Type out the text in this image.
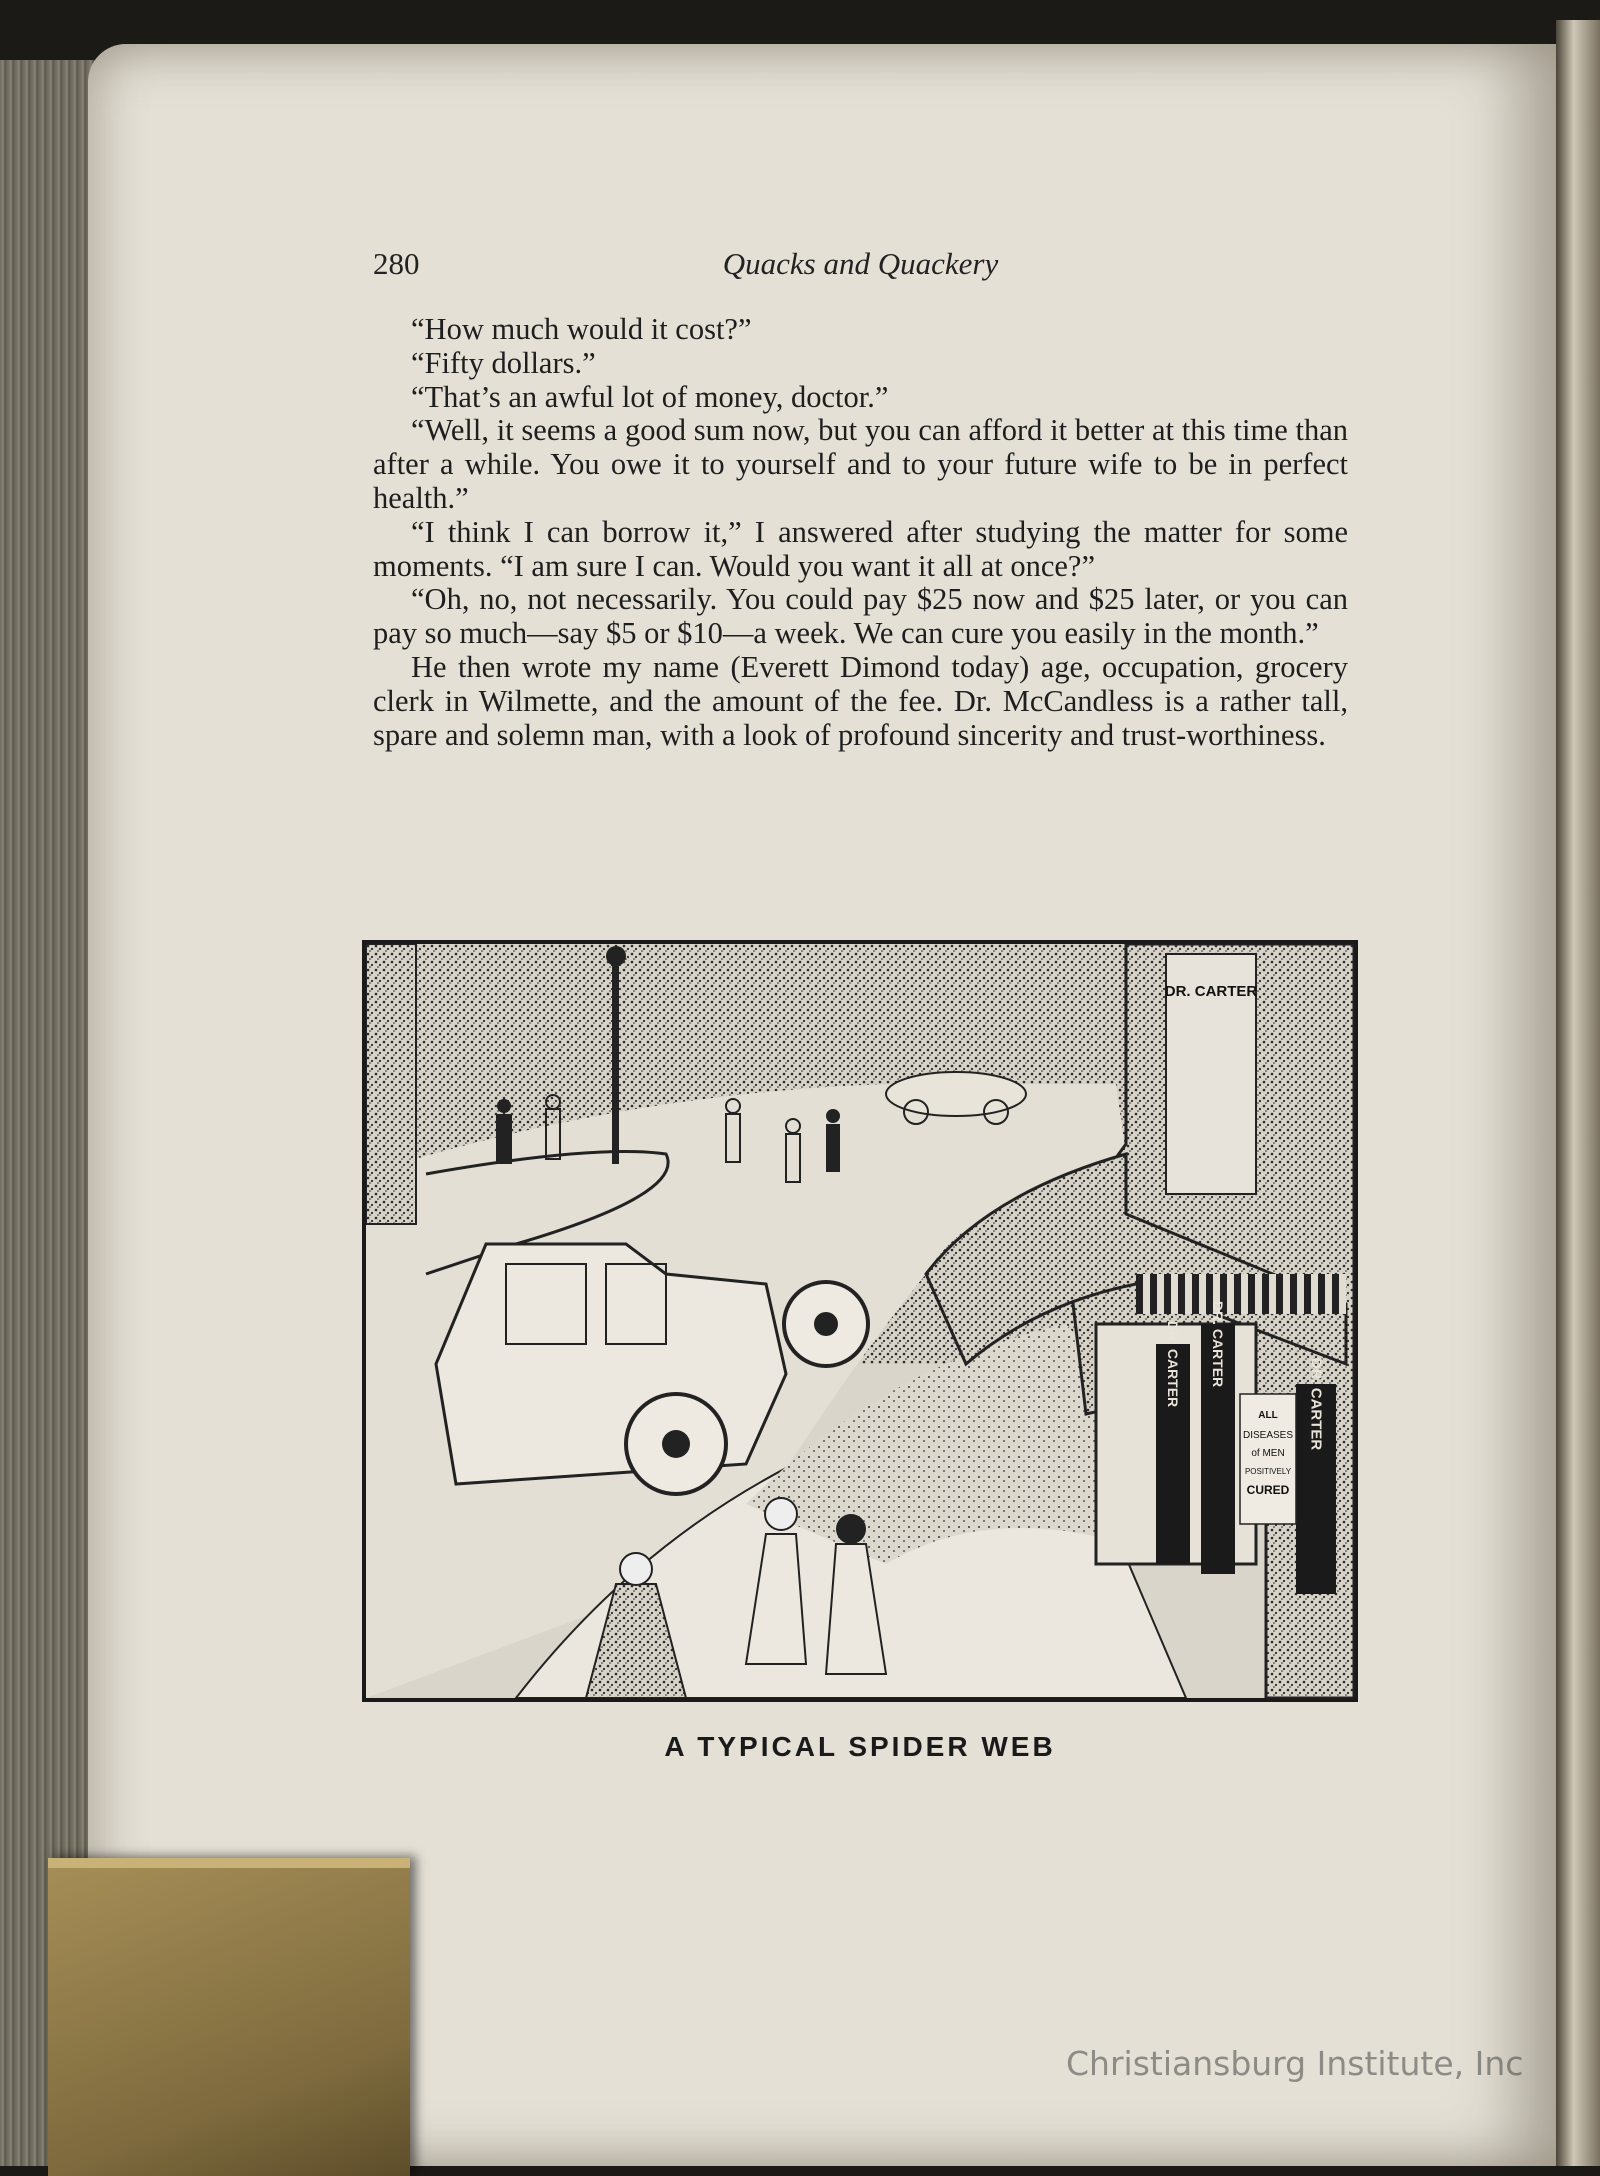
280	Quacks and Quackery

“How much would it cost?”

“Fifty dollars.”

“That’s an awful lot of money, doctor.”

“Well, it seems a good sum now, but you can afford it better at this time than after a while. You owe it to yourself and to your future wife to be in perfect health.”

“I think I can borrow it,” I answered after studying the matter for some moments. “I am sure I can. Would you want it all at once?”

“Oh, no, not necessarily. You could pay $25 now and $25 later, or you can pay so much—say $5 or $10—a week. We can cure you easily in the month.”

He then wrote my name (Everett Dimond today) age, occupation, grocery clerk in Wilmette, and the amount of the fee. Dr. McCandless is a rather tall, spare and solemn man, with a look of profound sincerity and trust-worthiness.

DR. CARTER
DR. CARTER DR. CARTER
DR. CARTER
ALL
DISEASES
of MEN
POSITIVELY
CURED
A TYPICAL SPIDER WEB
Christiansburg Institute, Inc
